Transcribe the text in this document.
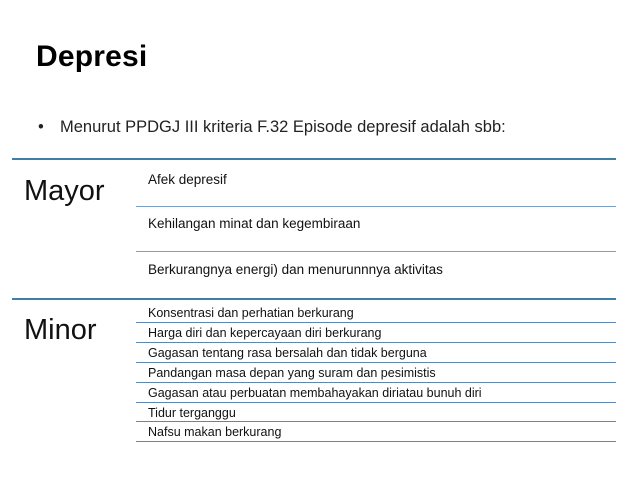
Depresi
• Menurut PPDGJ III kriteria F.32 Episode depresif adalah sbb:
Mayor	Afek depresif
Kehilangan minat dan kegembiraan
Berkurangnya energi) dan menurunnnya aktivitas
Minor
Konsentrasi dan perhatian berkurang
Harga diri dan kepercayaan diri berkurang
Gagasan tentang rasa bersalah dan tidak berguna
Pandangan masa depan yang suram dan pesimistis
Gagasan atau perbuatan membahayakan diriatau bunuh diri
Tidur terganggu
Nafsu makan berkurang
